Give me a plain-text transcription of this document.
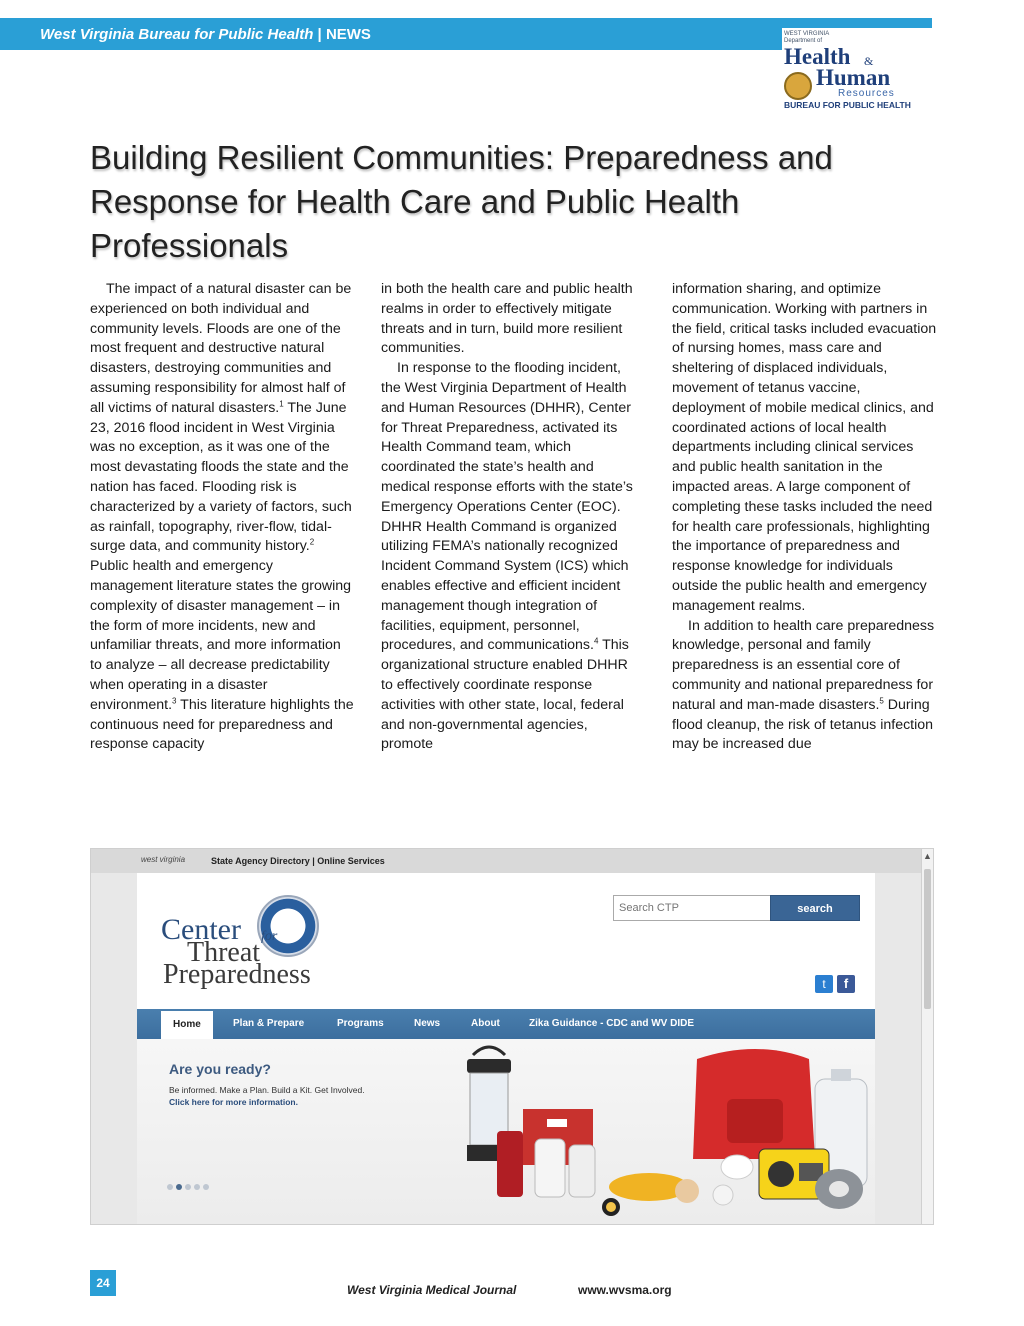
West Virginia Bureau for Public Health | NEWS	WEST VIRGINIA
Department of
Health &
Human
Resources
BUREAU FOR PUBLIC HEALTH
Building Resilient Communities: Preparedness and Response for Health Care and Public Health Professionals

The impact of a natural disaster can be experienced on both individual and community levels. Floods are one of the most frequent and destructive natural disasters, destroying communities and assuming responsibility for almost half of all victims of natural disasters.$^1$ The June 23, 2016 flood incident in West Virginia was no exception, as it was one of the most devastating floods the state and the nation has faced. Flooding risk is characterized by a variety of factors, such as rainfall, topography, river-flow, tidal-surge data, and community history.$^2$ Public health and emergency management literature states the growing complexity of disaster management – in the form of more incidents, new and unfamiliar threats, and more information to analyze – all decrease predictability when operating in a disaster environment.$^3$ This literature highlights the continuous need for preparedness and response capacity

in both the health care and public health realms in order to effectively mitigate threats and in turn, build more resilient communities.

In response to the flooding incident, the West Virginia Department of Health and Human Resources (DHHR), Center for Threat Preparedness, activated its Health Command team, which coordinated the state’s health and medical response efforts with the state’s Emergency Operations Center (EOC). DHHR Health Command is organized utilizing FEMA’s nationally recognized Incident Command System (ICS) which enables effective and efficient incident management though integration of facilities, equipment, personnel, procedures, and communications.$^4$ This organizational structure enabled DHHR to effectively coordinate response activities with other state, local, federal and non-governmental agencies, promote

information sharing, and optimize communication. Working with partners in the field, critical tasks included evacuation of nursing homes, mass care and sheltering of displaced individuals, movement of tetanus vaccine, deployment of mobile medical clinics, and coordinated actions of local health departments including clinical services and public health sanitation in the impacted areas. A large component of completing these tasks included the need for health care professionals, highlighting the importance of preparedness and response knowledge for individuals outside the public health and emergency management realms.

In addition to health care preparedness knowledge, personal and family preparedness is an essential core of community and national preparedness for natural and man-made disasters.$^5$ During flood cleanup, the risk of tetanus infection may be increased due

west virginia	State Agency Directory | Online Services	▲
Center for
Threat
Preparedness
Search CTP
search
t	f
Home	Plan & Prepare	Programs	News	About	Zika Guidance - CDC and WV DIDE
Are you ready?
Be informed. Make a Plan. Build a Kit. Get Involved.
Click here for more information.
24	West Virginia Medical Journal	www.wvsma.org
